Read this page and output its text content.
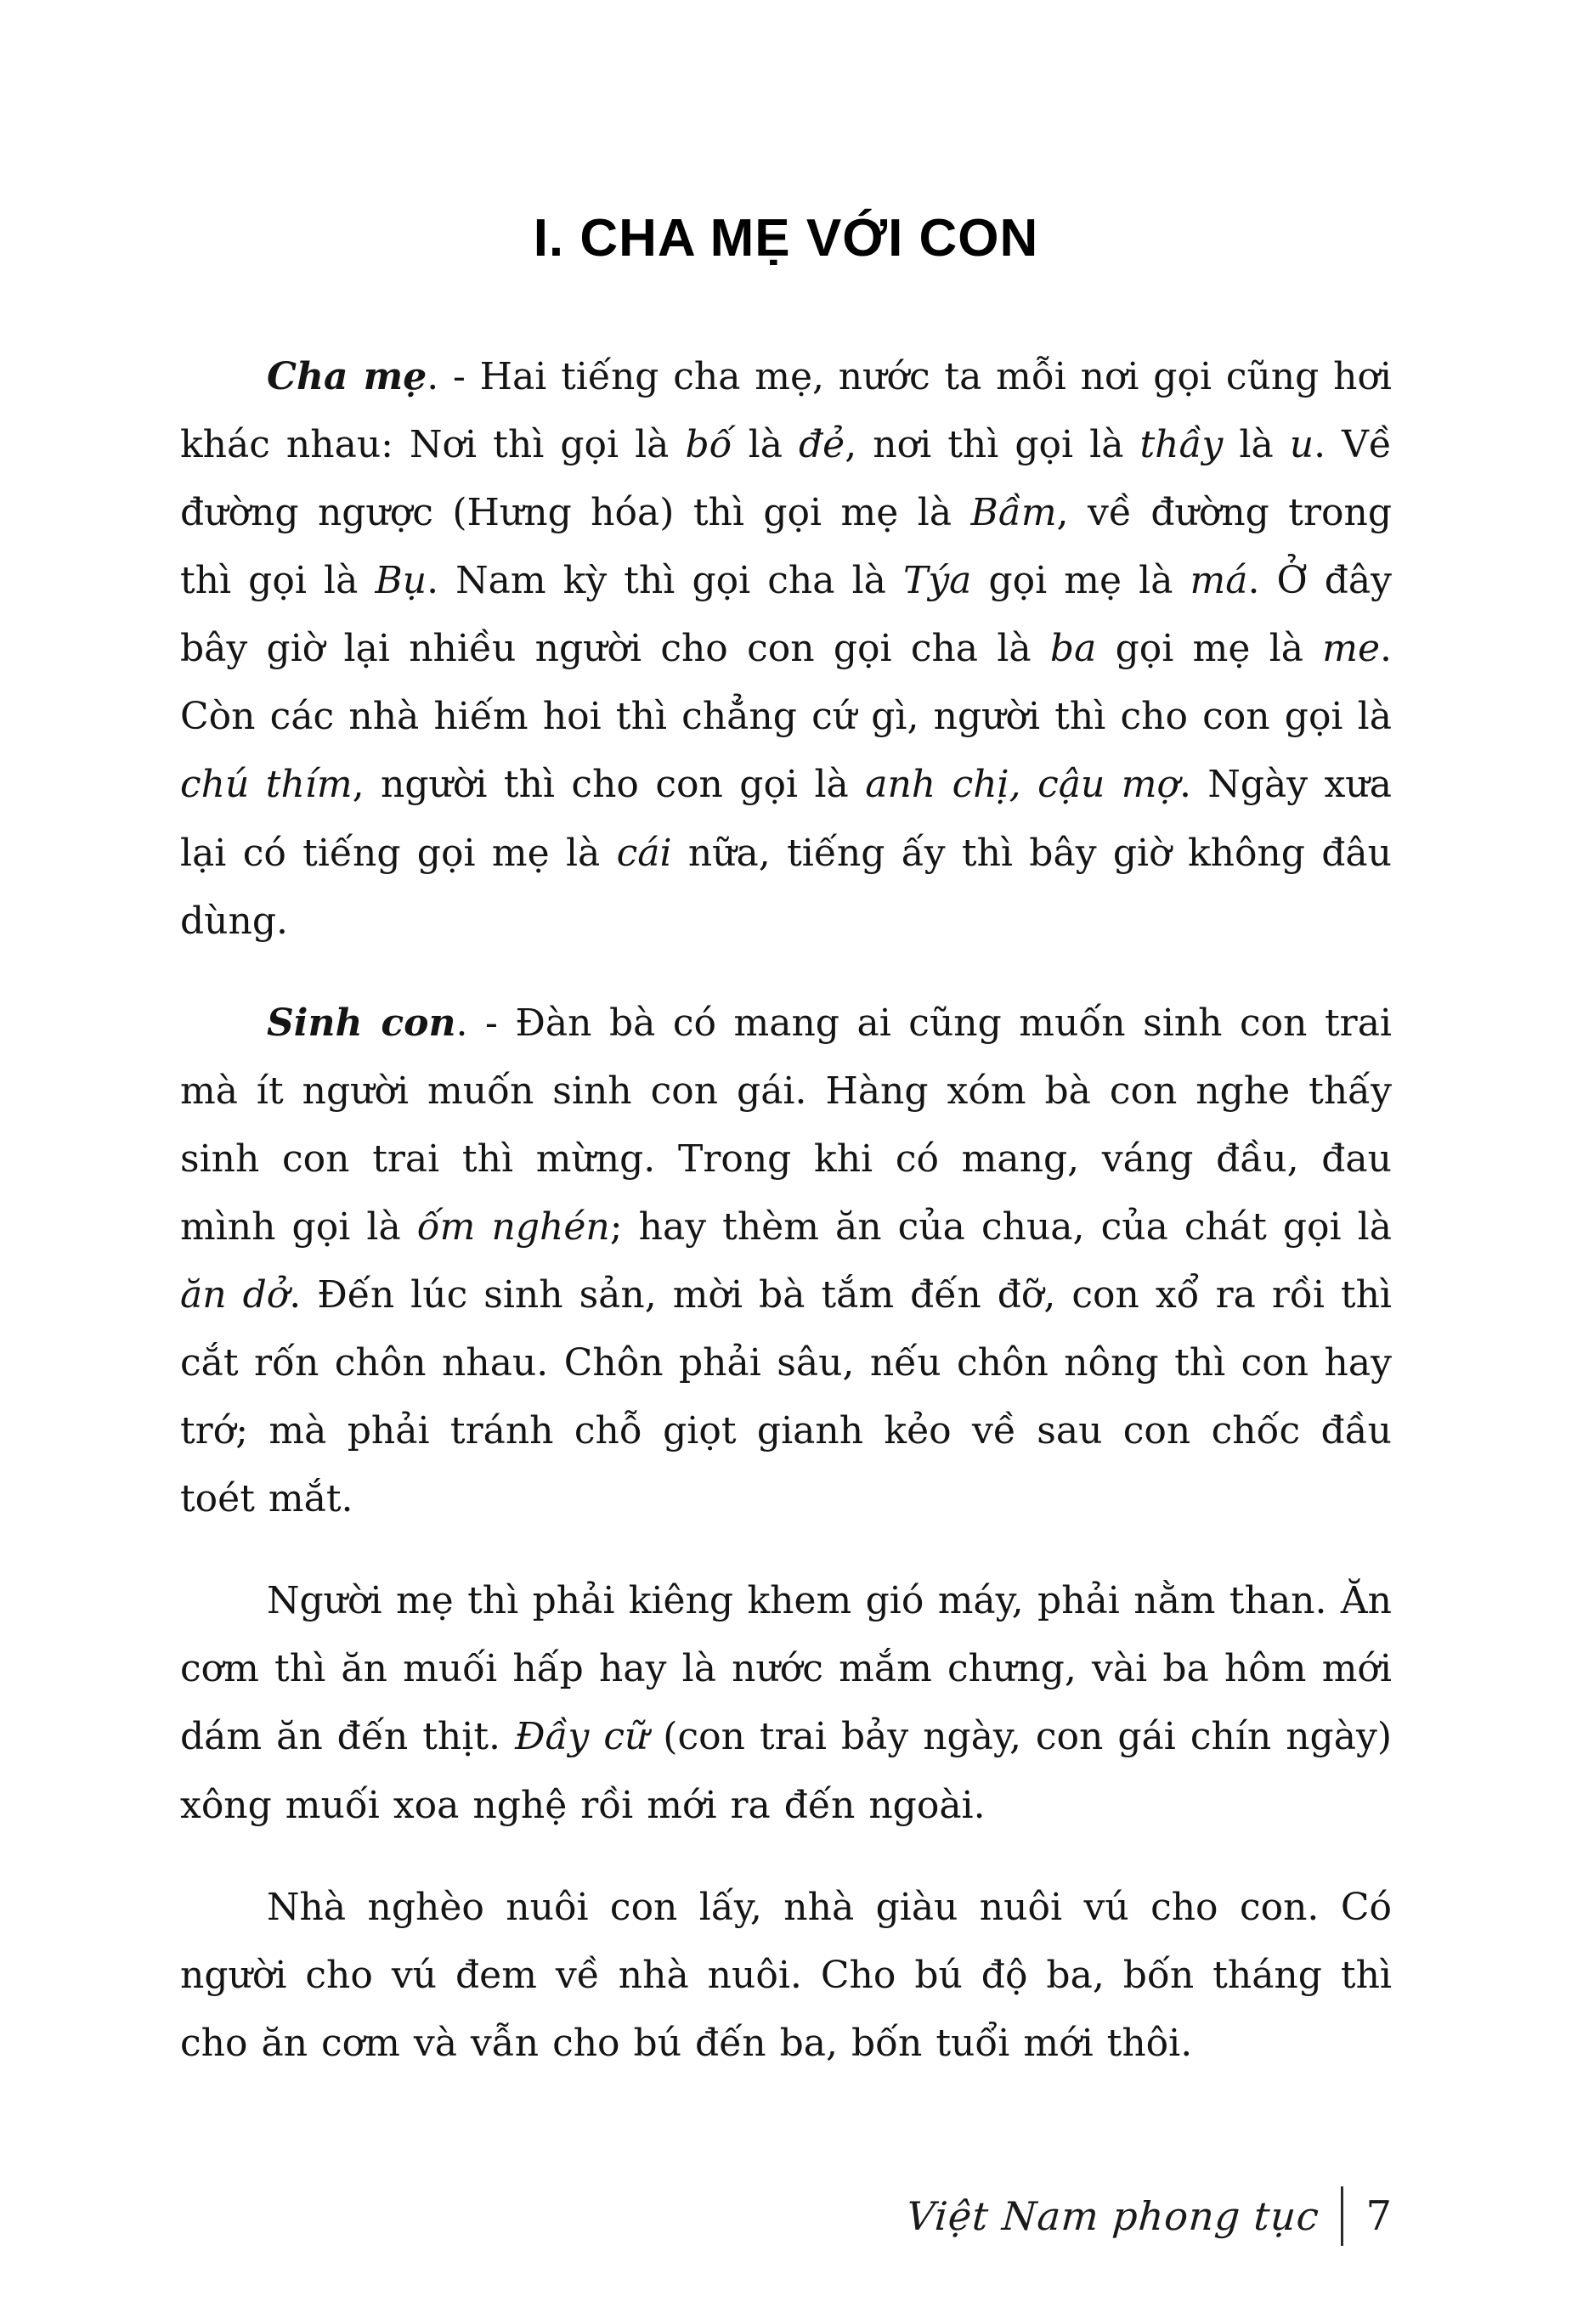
I. CHA MẸ VỚI CON

Cha mẹ. - Hai tiếng cha mẹ, nước ta mỗi nơi gọi cũng hơi khác nhau: Nơi thì gọi là bố là đẻ, nơi thì gọi là thầy là u. Về đường ngược (Hưng hóa) thì gọi mẹ là Bầm, về đường trong thì gọi là Bụ. Nam kỳ thì gọi cha là Týa gọi mẹ là má. Ở đây bây giờ lại nhiều người cho con gọi cha là ba gọi mẹ là me. Còn các nhà hiếm hoi thì chẳng cứ gì, người thì cho con gọi là chú thím, người thì cho con gọi là anh chị, cậu mợ. Ngày xưa lại có tiếng gọi mẹ là cái nữa, tiếng ấy thì bây giờ không đâu dùng.

Sinh con. - Đàn bà có mang ai cũng muốn sinh con trai mà ít người muốn sinh con gái. Hàng xóm bà con nghe thấy sinh con trai thì mừng. Trong khi có mang, váng đầu, đau mình gọi là ốm nghén; hay thèm ăn của chua, của chát gọi là ăn dở. Đến lúc sinh sản, mời bà tắm đến đỡ, con xổ ra rồi thì cắt rốn chôn nhau. Chôn phải sâu, nếu chôn nông thì con hay trớ; mà phải tránh chỗ giọt gianh kẻo về sau con chốc đầu toét mắt.

Người mẹ thì phải kiêng khem gió máy, phải nằm than. Ăn cơm thì ăn muối hấp hay là nước mắm chưng, vài ba hôm mới dám ăn đến thịt. Đầy cữ (con trai bảy ngày, con gái chín ngày) xông muối xoa nghệ rồi mới ra đến ngoài.

Nhà nghèo nuôi con lấy, nhà giàu nuôi vú cho con. Có người cho vú đem về nhà nuôi. Cho bú độ ba, bốn tháng thì cho ăn cơm và vẫn cho bú đến ba, bốn tuổi mới thôi.

Việt Nam phong tục 7
